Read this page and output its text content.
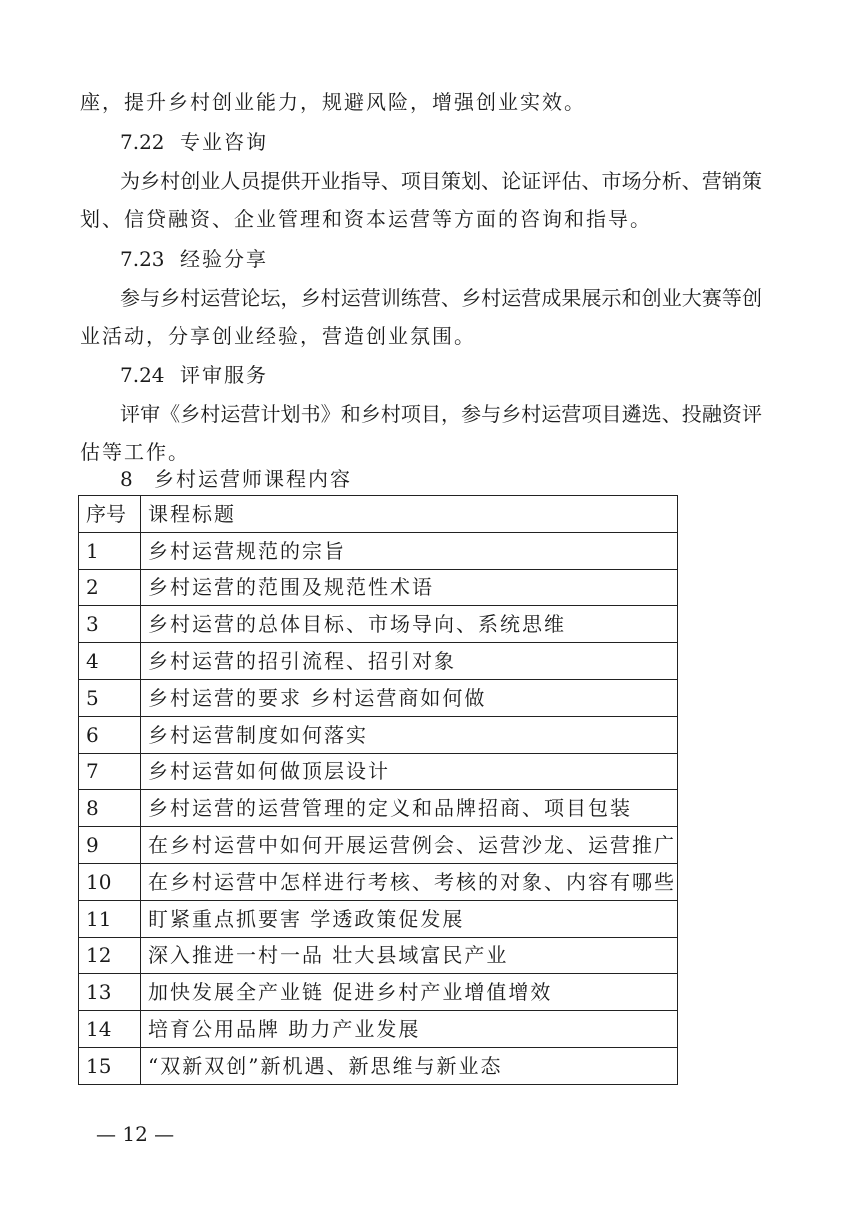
座，提升乡村创业能力，规避风险，增强创业实效。
7.22 专业咨询
为乡村创业人员提供开业指导、项目策划、论证评估、市场分析、营销策
划、信贷融资、企业管理和资本运营等方面的咨询和指导。
7.23 经验分享
参与乡村运营论坛，乡村运营训练营、乡村运营成果展示和创业大赛等创
业活动，分享创业经验，营造创业氛围。
7.24 评审服务
评审《乡村运营计划书》和乡村项目，参与乡村运营项目遴选、投融资评
估等工作。
8 乡村运营师课程内容
序号	课程标题
1	乡村运营规范的宗旨
2	乡村运营的范围及规范性术语
3	乡村运营的总体目标、市场导向、系统思维
4	乡村运营的招引流程、招引对象
5	乡村运营的要求 乡村运营商如何做
6	乡村运营制度如何落实
7	乡村运营如何做顶层设计
8	乡村运营的运营管理的定义和品牌招商、项目包装
9	在乡村运营中如何开展运营例会、运营沙龙、运营推广
10	在乡村运营中怎样进行考核、考核的对象、内容有哪些
11	盯紧重点抓要害 学透政策促发展
12	深入推进一村一品 壮大县域富民产业
13	加快发展全产业链 促进乡村产业增值增效
14	培育公用品牌 助力产业发展
15	“双新双创”新机遇、新思维与新业态
— 12 —
